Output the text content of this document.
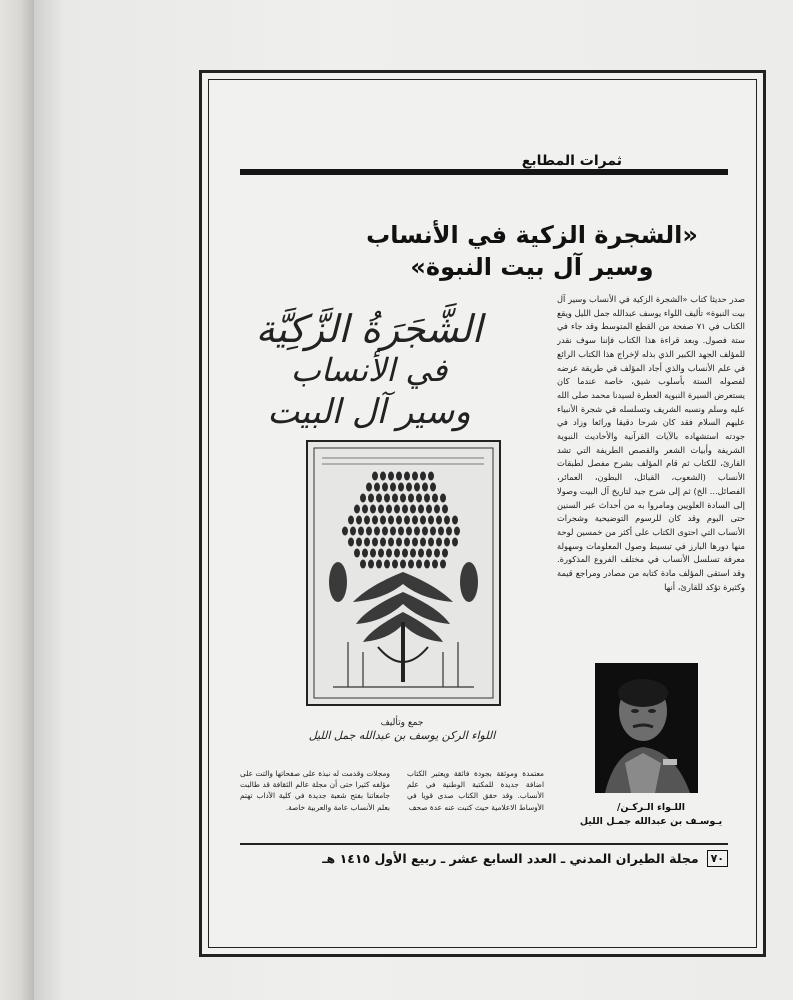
ثمرات المطابع
«الشجرة الزكية في الأنساب
وسير آل بيت النبوة»
الشَّجَرَةُ الزَّكِيَّة
في الأنساب
وسير آل البيت
جمع وتأليف
اللواء الركن يوسف بن عبدالله جمل الليل
صدر حديثا كتاب «الشجرة الزكية في الأنساب وسير آل بيت النبوة» تأليف اللواء يوسف عبدالله جمل الليل ويقع الكتاب في ٧١ صفحة من القطع المتوسط وقد جاء في ستة فصول. وبعد قراءة هذا الكتاب فإننا سوف نقدر للمؤلف الجهد الكبير الذي بذله لإخراج هذا الكتاب الرائع في علم الأنساب والذي أجاد المؤلف في طريقة عرضه لفصوله الستة بأسلوب شيق، خاصة عندما كان يستعرض السيرة النبوية العطرة لسيدنا محمد صلى الله عليه وسلم ونسبه الشريف وتسلسله في شجرة الأنبياء عليهم السلام فقد كان شرحا دقيقا ورائعا وزاد في جودته استشهاده بالآيات القرآنية والأحاديث النبوية الشريفة وأبيات الشعر والقصص الطريفة التي تشد القارئ، للكتاب ثم قام المؤلف بشرح مفصل لطبقات الأنساب (الشعوب، القبائل، البطون، العمائر، الفصائل... الخ) ثم إلى شرح جيد لتاريخ آل البيت وصولا إلى السادة العلويين ومامروا به من أحداث عبر السنين حتى اليوم وقد كان للرسوم التوضيحية وشجرات الأنساب التي احتوى الكتاب على أكثر من خمسين لوحة منها دورها البارز في تبسيط وصول المعلومات وسهولة معرفة تسلسل الأنساب في مختلف الفروع المذكورة. وقد استقى المؤلف مادة كتابه من مصادر ومراجع قيمة وكثيرة تؤكد للقارئ، أنها
اللـواء الـركـن/
يـوسـف بن عبدالله جمـل الليل
معتمدة وموثقة بجودة فائقة ويعتبر الكتاب اضافة جديدة للمكتبة الوطنية في علم الأنساب. وقد حقق الكتاب صدى قويا في الأوساط الاعلامية حيث كتبت عنه عدة صحف
ومجلات وقدمت له نبذة على صفحاتها والتت على مؤلفه كثيرا حتى أن مجلة عالم الثقافة قد طالبت جامعاتنا بفتح شعبة جديدة في كلية الآداب تهتم بعلم الأنساب عامة والعربية خاصة.
٧٠
مجلة الطيران المدني ـ العدد السابع عشر ـ ربيع الأول ١٤١٥ هـ
